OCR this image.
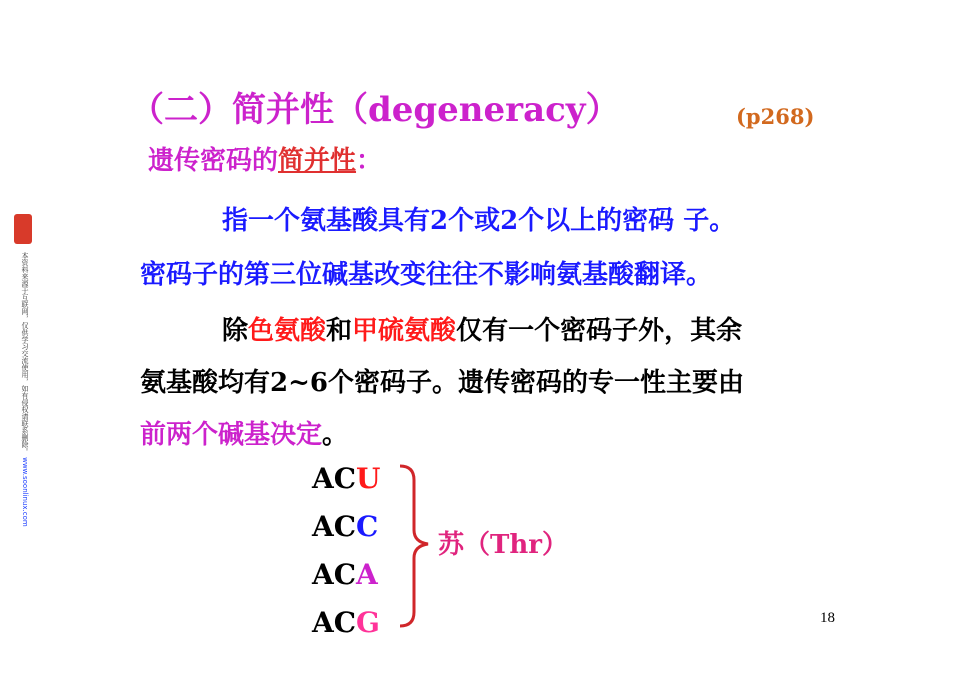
本资料来源于互联网，仅供学习交流使用，如有侵权请联系删除。 www.soonlinux.com
（二）简并性（degeneracy）	(p268)
遗传密码的简并性：
指一个氨基酸具有2个或2个以上的密码 子。
密码子的第三位碱基改变往往不影响氨基酸翻译。
除色氨酸和甲硫氨酸仅有一个密码子外，其余
氨基酸均有2~6个密码子。遗传密码的专一性主要由
前两个碱基决定。
ACU
ACC
ACA
ACG
苏（Thr）
18
